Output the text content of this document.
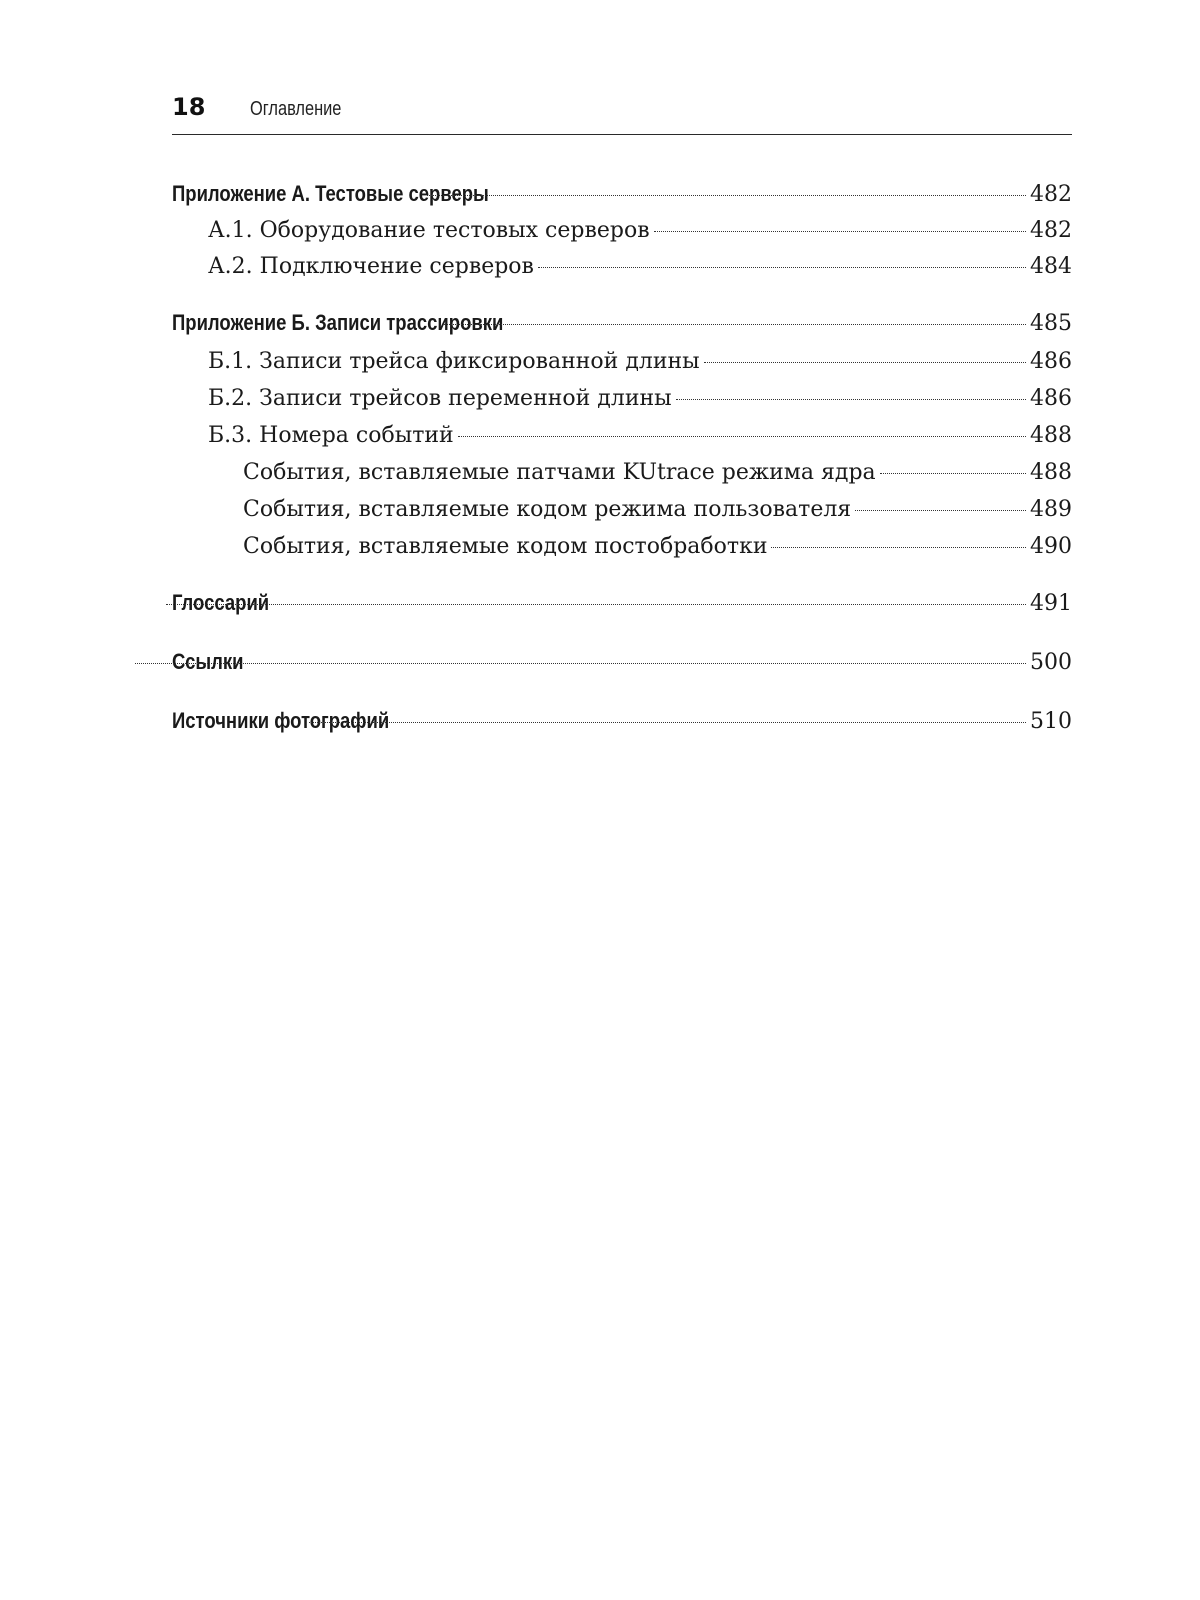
18 Оглавление
Приложение А. Тестовые серверы	482
А.1. Оборудование тестовых серверов	482
А.2. Подключение серверов	484
Приложение Б. Записи трассировки	485
Б.1. Записи трейса фиксированной длины	486
Б.2. Записи трейсов переменной длины	486
Б.3. Номера событий	488
События, вставляемые патчами KUtrace режима ядра	488
События, вставляемые кодом режима пользователя	489
События, вставляемые кодом постобработки	490
Глоссарий	491
Ссылки	500
Источники фотографий	510
